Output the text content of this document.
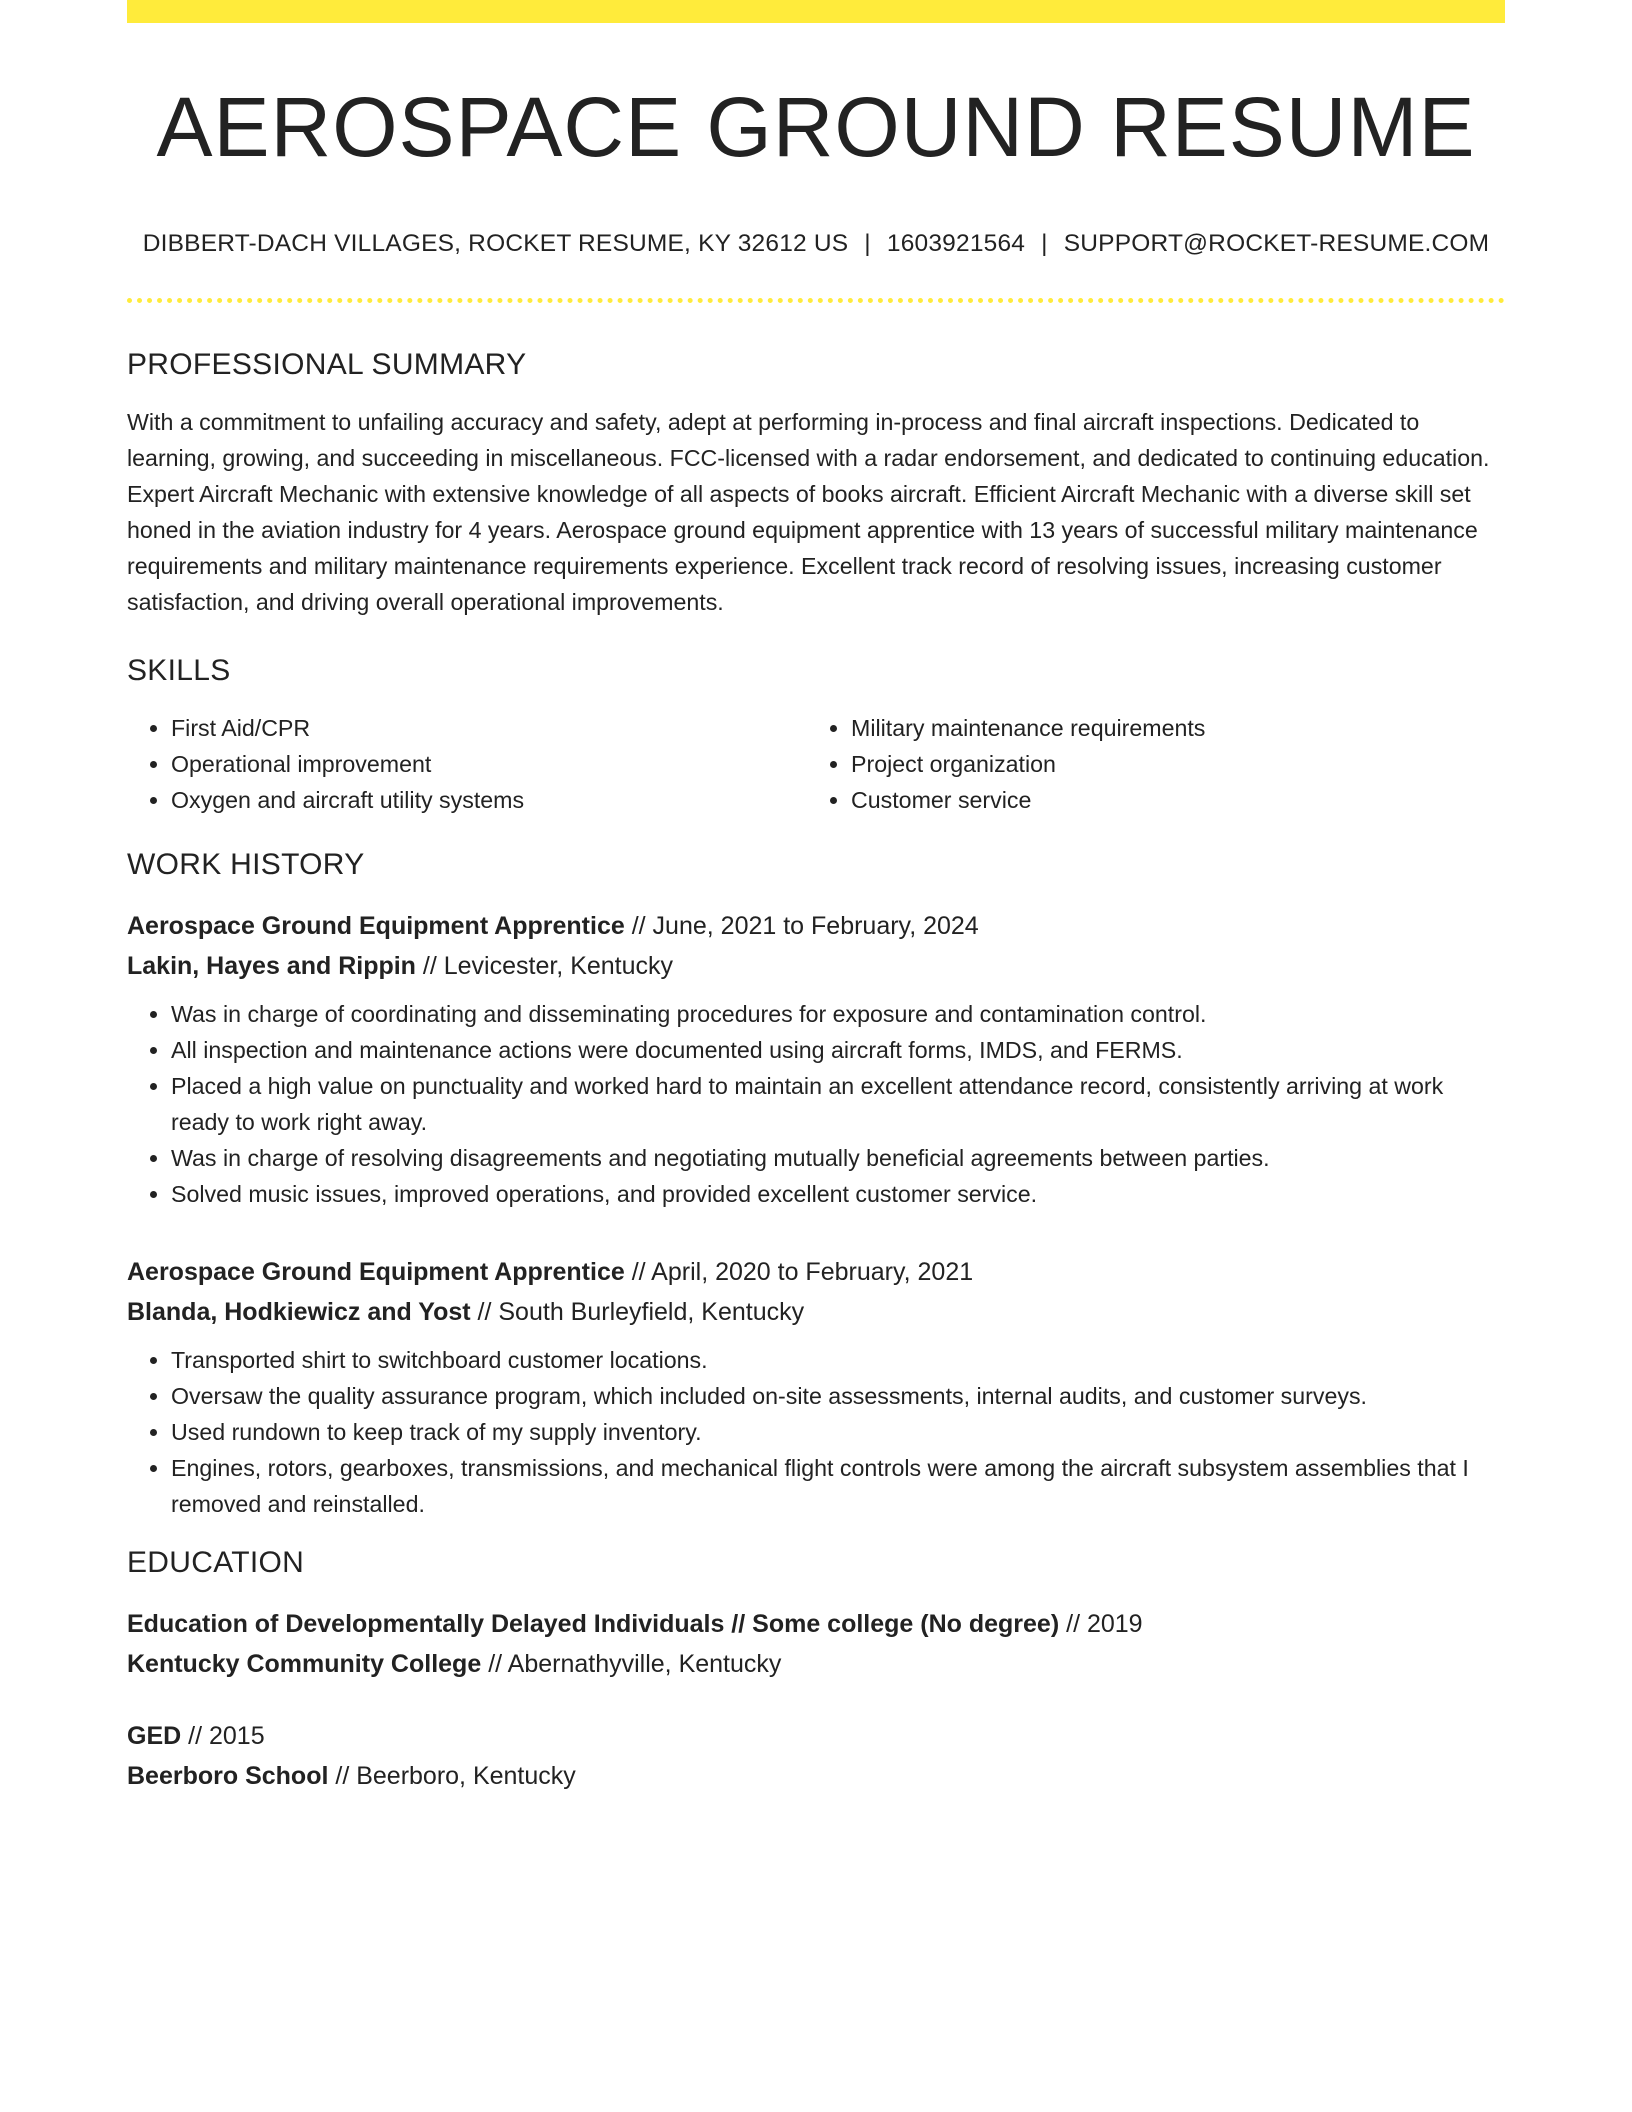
AEROSPACE GROUND RESUME
DIBBERT-DACH VILLAGES, ROCKET RESUME, KY 32612 US | 1603921564 | SUPPORT@ROCKET-RESUME.COM
PROFESSIONAL SUMMARY

With a commitment to unfailing accuracy and safety, adept at performing in-process and final aircraft inspections. Dedicated to learning, growing, and succeeding in miscellaneous. FCC-licensed with a radar endorsement, and dedicated to continuing education. Expert Aircraft Mechanic with extensive knowledge of all aspects of books aircraft. Efficient Aircraft Mechanic with a diverse skill set honed in the aviation industry for 4 years. Aerospace ground equipment apprentice with 13 years of successful military maintenance requirements and military maintenance requirements experience. Excellent track record of resolving issues, increasing customer satisfaction, and driving overall operational improvements.

SKILLS
• First Aid/CPR
• Operational improvement
• Oxygen and aircraft utility systems
• Military maintenance requirements
• Project organization
• Customer service
WORK HISTORY
Aerospace Ground Equipment Apprentice // June, 2021 to February, 2024
Lakin, Hayes and Rippin // Levicester, Kentucky
• Was in charge of coordinating and disseminating procedures for exposure and contamination control.
• All inspection and maintenance actions were documented using aircraft forms, IMDS, and FERMS.
• Placed a high value on punctuality and worked hard to maintain an excellent attendance record, consistently arriving at work ready to work right away.
• Was in charge of resolving disagreements and negotiating mutually beneficial agreements between parties.
• Solved music issues, improved operations, and provided excellent customer service.
Aerospace Ground Equipment Apprentice // April, 2020 to February, 2021
Blanda, Hodkiewicz and Yost // South Burleyfield, Kentucky
• Transported shirt to switchboard customer locations.
• Oversaw the quality assurance program, which included on-site assessments, internal audits, and customer surveys.
• Used rundown to keep track of my supply inventory.
• Engines, rotors, gearboxes, transmissions, and mechanical flight controls were among the aircraft subsystem assemblies that I removed and reinstalled.
EDUCATION
Education of Developmentally Delayed Individuals // Some college (No degree) // 2019
Kentucky Community College // Abernathyville, Kentucky
GED // 2015
Beerboro School // Beerboro, Kentucky
